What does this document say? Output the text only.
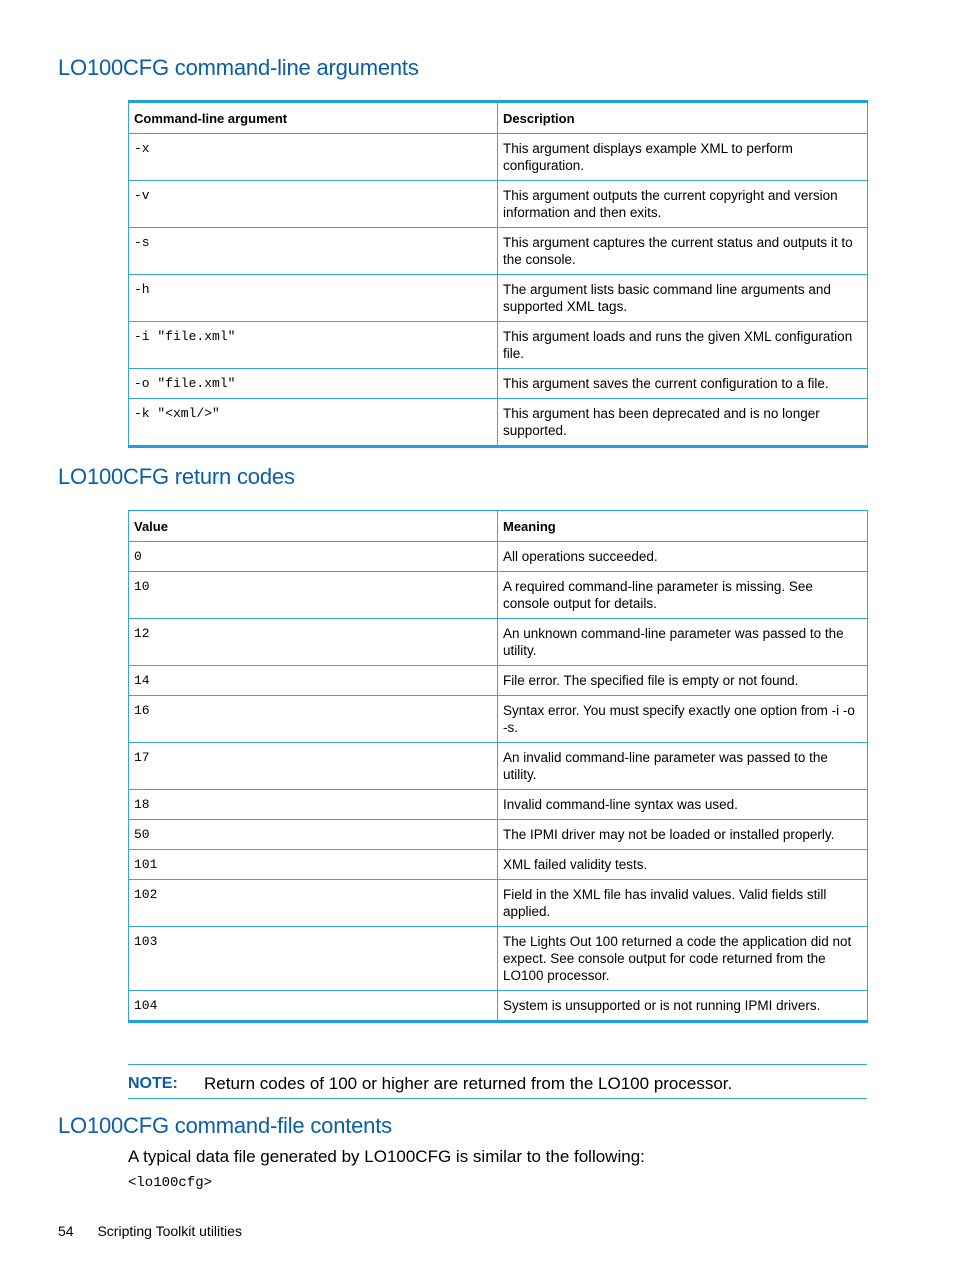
LO100CFG command-line arguments
Command-line argument	Description
-x	This argument displays example XML to perform configuration.
-v	This argument outputs the current copyright and version information and then exits.
-s	This argument captures the current status and outputs it to the console.
-h	The argument lists basic command line arguments and supported XML tags.
-i "file.xml"	This argument loads and runs the given XML configuration file.
-o "file.xml"	This argument saves the current configuration to a file.
-k "<xml/>"	This argument has been deprecated and is no longer supported.
LO100CFG return codes
Value	Meaning
0	All operations succeeded.
10	A required command-line parameter is missing. See console output for details.
12	An unknown command-line parameter was passed to the utility.
14	File error. The specified file is empty or not found.
16	Syntax error. You must specify exactly one option from -i -o -s.
17	An invalid command-line parameter was passed to the utility.
18	Invalid command-line syntax was used.
50	The IPMI driver may not be loaded or installed properly.
101	XML failed validity tests.
102	Field in the XML file has invalid values. Valid fields still applied.
103	The Lights Out 100 returned a code the application did not expect. See console output for code returned from the LO100 processor.
104	System is unsupported or is not running IPMI drivers.
NOTE: Return codes of 100 or higher are returned from the LO100 processor.
LO100CFG command-file contents

A typical data file generated by LO100CFG is similar to the following:

<lo100cfg>

54 Scripting Toolkit utilities
